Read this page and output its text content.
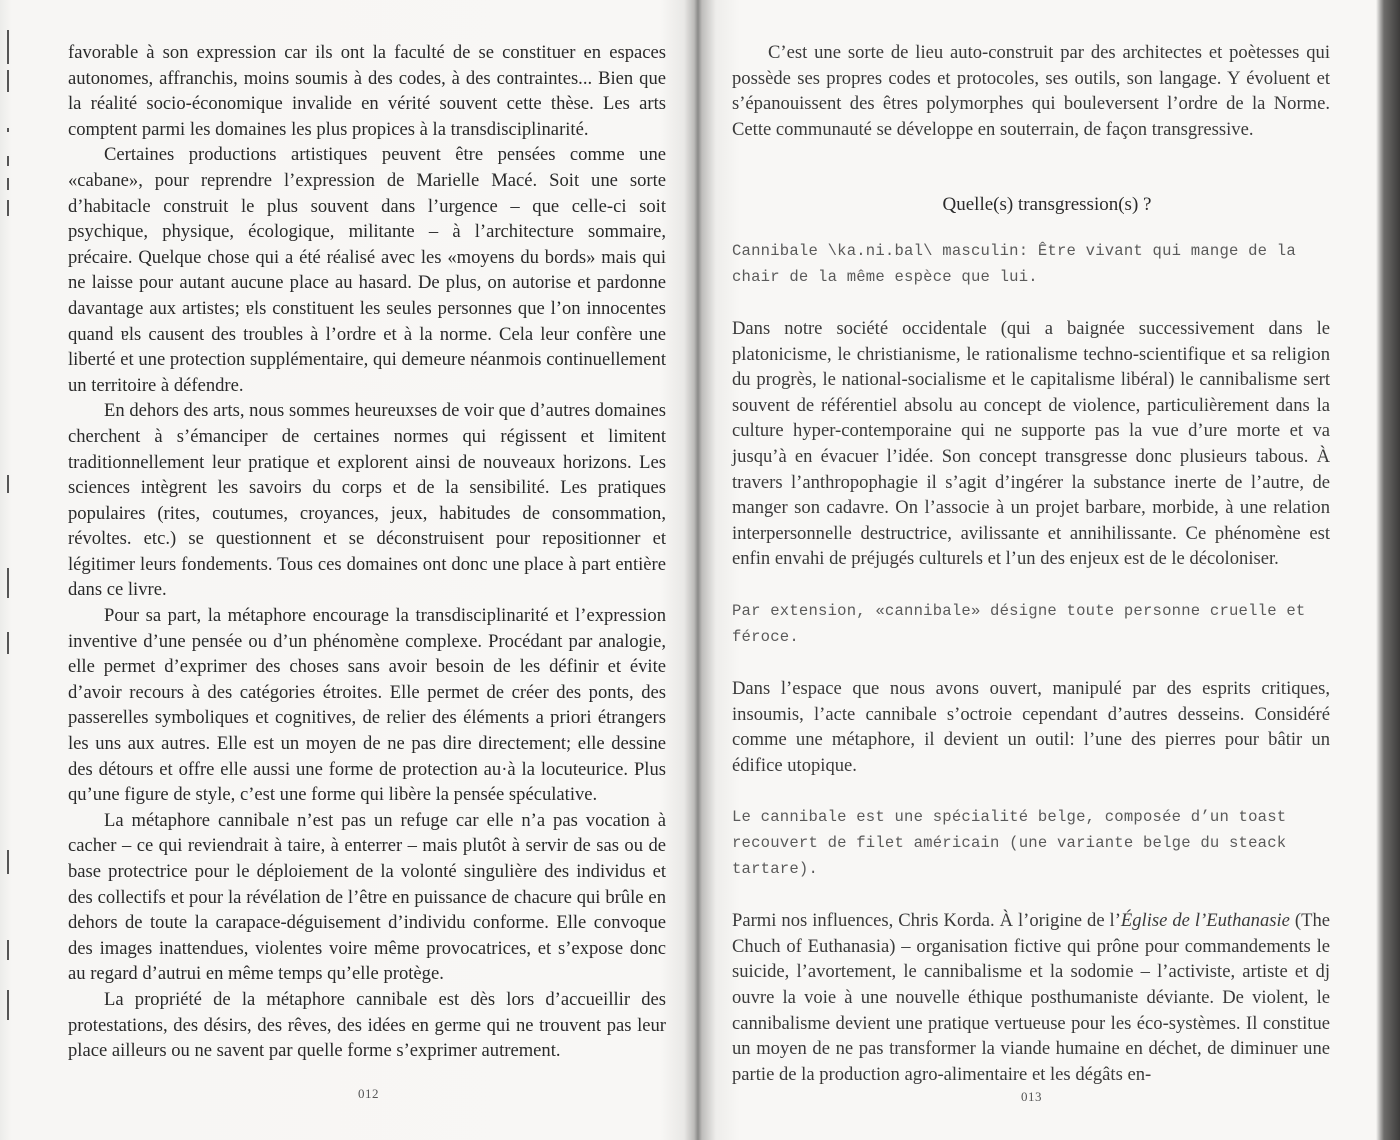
favorable à son expression car ils ont la faculté de se constituer en espaces autonomes, affranchis, moins soumis à des codes, à des contraintes... Bien que la réalité socio-économique invalide en vérité souvent cette thèse. Les arts comptent parmi les domaines les plus propices à la transdisciplinarité.

Certaines productions artistiques peuvent être pensées comme une «cabane», pour reprendre l’expression de Marielle Macé. Soit une sorte d’habitacle construit le plus souvent dans l’urgence – que celle-ci soit psychique, physique, écologique, militante – à l’architecture sommaire, précaire. Quelque chose qui a été réalisé avec les «moyens du bords» mais qui ne laisse pour autant aucune place au hasard. De plus, on autorise et pardonne davantage aux artistes; ɐls constituent les seules personnes que l’on innocentes quand ɐls causent des troubles à l’ordre et à la norme. Cela leur confère une liberté et une protection supplémentaire, qui demeure néanmois continuellement un territoire à défendre.

En dehors des arts, nous sommes heureuxses de voir que d’autres domaines cherchent à s’émanciper de certaines normes qui régissent et limitent traditionnellement leur pratique et explorent ainsi de nouveaux horizons. Les sciences intègrent les savoirs du corps et de la sensibilité. Les pratiques populaires (rites, coutumes, croyances, jeux, habitudes de consommation, révoltes. etc.) se questionnent et se déconstruisent pour repositionner et légitimer leurs fondements. Tous ces domaines ont donc une place à part entière dans ce livre.

Pour sa part, la métaphore encourage la transdisciplinarité et l’expression inventive d’une pensée ou d’un phénomène complexe. Procédant par analogie, elle permet d’exprimer des choses sans avoir besoin de les définir et évite d’avoir recours à des catégories étroites. Elle permet de créer des ponts, des passerelles symboliques et cognitives, de relier des éléments a priori étrangers les uns aux autres. Elle est un moyen de ne pas dire directement; elle dessine des détours et offre elle aussi une forme de protection au·à la locuteurice. Plus qu’une figure de style, c’est une forme qui libère la pensée spéculative.

La métaphore cannibale n’est pas un refuge car elle n’a pas vocation à cacher – ce qui reviendrait à taire, à enterrer – mais plutôt à servir de sas ou de base protectrice pour le déploiement de la volonté singulière des individus et des collectifs et pour la révélation de l’être en puissance de chacure qui brûle en dehors de toute la carapace-déguisement d’individu conforme. Elle convoque des images inattendues, violentes voire même provocatrices, et s’expose donc au regard d’autrui en même temps qu’elle protège.

La propriété de la métaphore cannibale est dès lors d’accueillir des protestations, des désirs, des rêves, des idées en germe qui ne trouvent pas leur place ailleurs ou ne savent par quelle forme s’exprimer autrement.

012

C’est une sorte de lieu auto-construit par des architectes et poètesses qui possède ses propres codes et protocoles, ses outils, son langage. Y évoluent et s’épanouissent des êtres polymorphes qui bouleversent l’ordre de la Norme. Cette communauté se développe en souterrain, de façon transgressive.

Quelle(s) transgression(s) ?

Cannibale \ka.ni.bal\ masculin: Être vivant qui mange de la chair de la même espèce que lui.

Dans notre société occidentale (qui a baignée successivement dans le platonicisme, le christianisme, le rationalisme techno-scientifique et sa religion du progrès, le national-socialisme et le capitalisme libéral) le cannibalisme sert souvent de référentiel absolu au concept de violence, particulièrement dans la culture hyper-contemporaine qui ne supporte pas la vue d’ure morte et va jusqu’à en évacuer l’idée. Son concept transgresse donc plusieurs tabous. À travers l’anthropophagie il s’agit d’ingérer la substance inerte de l’autre, de manger son cadavre. On l’associe à un projet barbare, morbide, à une relation interpersonnelle destructrice, avilissante et annihilissante. Ce phénomène est enfin envahi de préjugés culturels et l’un des enjeux est de le décoloniser.

Par extension, «cannibale» désigne toute personne cruelle et féroce.

Dans l’espace que nous avons ouvert, manipulé par des esprits critiques, insoumis, l’acte cannibale s’octroie cependant d’autres desseins. Considéré comme une métaphore, il devient un outil: l’une des pierres pour bâtir un édifice utopique.

Le cannibale est une spécialité belge, composée d’un toast recouvert de filet américain (une variante belge du steack tartare).

Parmi nos influences, Chris Korda. À l’origine de l’Église de l’Euthanasie (The Chuch of Euthanasia) – organisation fictive qui prône pour commandements le suicide, l’avortement, le cannibalisme et la sodomie – l’activiste, artiste et dj ouvre la voie à une nouvelle éthique posthumaniste déviante. De violent, le cannibalisme devient une pratique vertueuse pour les éco-systèmes. Il constitue un moyen de ne pas transformer la viande humaine en déchet, de diminuer une partie de la production agro-alimentaire et les dégâts en-

013
